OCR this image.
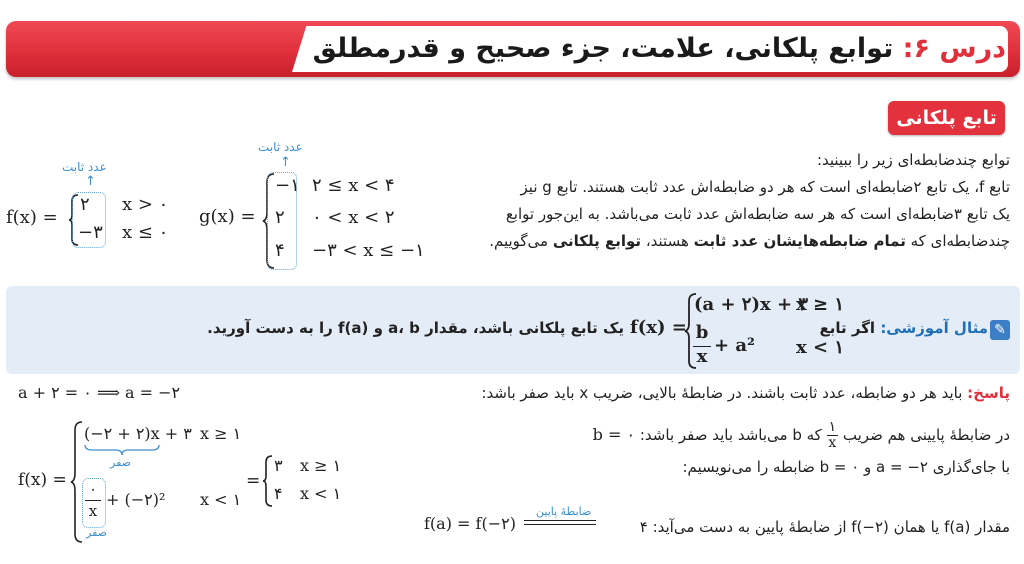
درس ۶: توابع پلکانی، علامت، جزء صحیح و قدرمطلق
تابع پلکانی
توابع چندضابطه‌ای زیر را ببینید:
تابع f، یک تابع ۲ضابطه‌ای است که هر دو ضابطه‌اش عدد ثابت هستند. تابع g نیز
یک تابع ۳ضابطه‌ای است که هر سه ضابطه‌اش عدد ثابت می‌باشد. به این‌جور توابع
چندضابطه‌ای که تمام ضابطه‌هایشان عدد ثابت هستند، توابع پلکانی می‌گوییم.
عدد ثابت
↑
g(x) =
−۱ ۲ ≤ x < ۴
۲ ۰ < x < ۲
۴ −۳ < x ≤ −۱
عدد ثابت
↑
f(x) =
۲ x > ۰
−۳ x ≤ ۰
✎
مثال آموزشی: اگر تابع
f(x) =
(a + ۲)x + ۳
x ≥ ۱
b
x
+ a² x < ۱
یک تابع پلکانی باشد، مقدار a، b و f(a) را به دست آورید.
پاسخ: باید هر دو ضابطه، عدد ثابت باشند. در ضابطهٔ بالایی، ضریب x باید صفر باشد:
a + ۲ = ۰ ⟹ a = −۲
در ضابطهٔ پایینی هم ضریب
۱
x
که b می‌باشد باید صفر باشد: b = ۰
با جای‌گذاری a = −۲ و b = ۰ ضابطه را می‌نویسیم:
f(x) =
(−۲ + ۲)x + ۳
صفر
x ≥ ۱
۰
x
صفر
+ (−۲)² x < ۱
=
۳ x ≥ ۱
۴ x < ۱
مقدار f(a) یا همان f(−۲) از ضابطهٔ پایین به دست می‌آید: ۴
ضابطهٔ پایین
f(a) = f(−۲)
